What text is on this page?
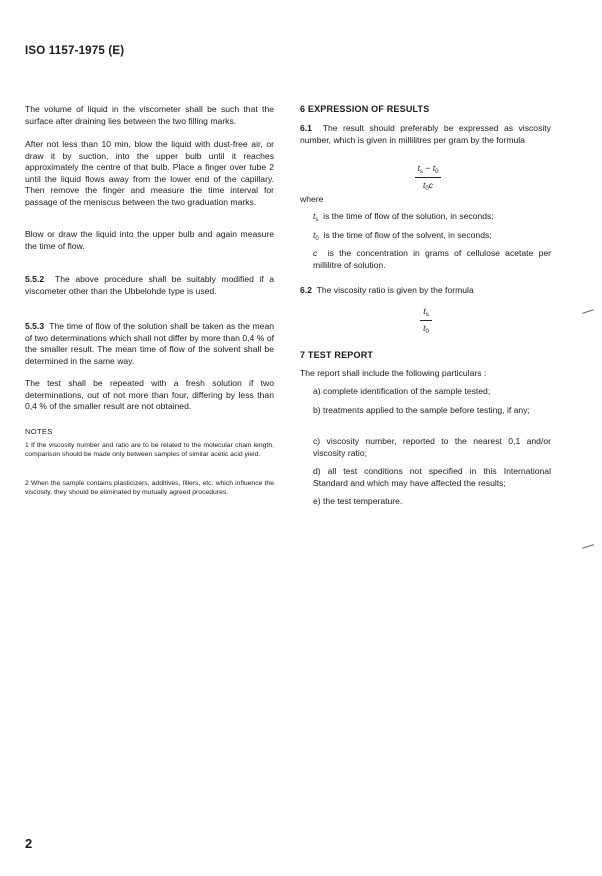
ISO 1157-1975 (E)

The volume of liquid in the viscometer shall be such that the surface after draining lies between the two filling marks.

After not less than 10 min, blow the liquid with dust-free air, or draw it by suction, into the upper bulb until it reaches approximately the centre of that bulb. Place a finger over tube 2 until the liquid flows away from the lower end of the capillary. Then remove the finger and measure the time interval for passage of the meniscus between the two graduation marks.

Blow or draw the liquid into the upper bulb and again measure the time of flow.

5.5.2 The above procedure shall be suitably modified if a viscometer other than the Ubbelohde type is used.

5.5.3 The time of flow of the solution shall be taken as the mean of two determinations which shall not differ by more than 0,4 % of the smaller result. The mean time of flow of the solvent shall be determined in the same way.

The test shall be repeated with a fresh solution if two determinations, out of not more than four, differing by less than 0,4 % of the smaller result are not obtained.

NOTES
1 If the viscosity number and ratio are to be related to the molecular chain length, comparison should be made only between samples of similar acetic acid yield.
2 When the sample contains plasticizers, additives, fillers, etc. which influence the viscosity, they should be eliminated by mutually agreed procedures.
6 EXPRESSION OF RESULTS

6.1 The result should preferably be expressed as viscosity number, which is given in millilitres per gram by the formula

$\frac{t_s - t_0}{t_0c}$
where
$t_s$ is the time of flow of the solution, in seconds;
$t_0$ is the time of flow of the solvent, in seconds;
c is the concentration in grams of cellulose acetate per millilitre of solution.

6.2 The viscosity ratio is given by the formula

$\frac{t_s}{t_0}$
7 TEST REPORT
The report shall include the following particulars :
a) complete identification of the sample tested;
b) treatments applied to the sample before testing, if any;
c) viscosity number, reported to the nearest 0,1 and/or viscosity ratio;
d) all test conditions not specified in this International Standard and which may have affected the results;
e) the test temperature.
2
